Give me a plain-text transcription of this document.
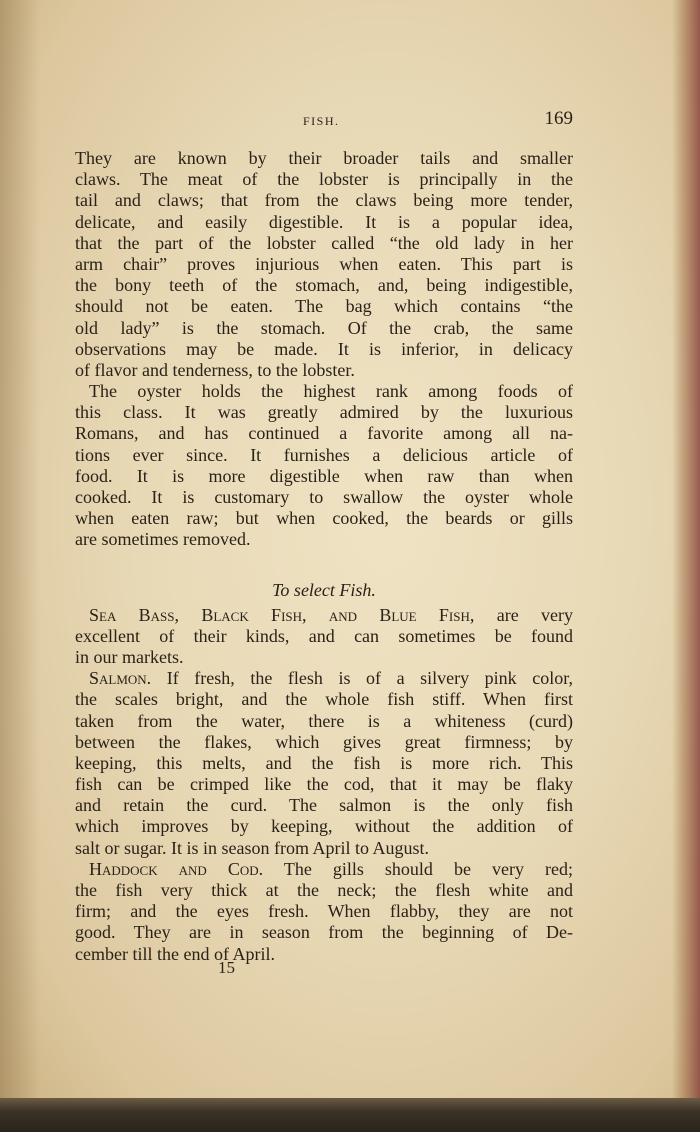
FISH.	169
They are known by their broader tails and smaller
claws. The meat of the lobster is principally in the
tail and claws; that from the claws being more tender,
delicate, and easily digestible. It is a popular idea,
that the part of the lobster called “the old lady in her
arm chair” proves injurious when eaten. This part is
the bony teeth of the stomach, and, being indigestible,
should not be eaten. The bag which contains “the
old lady” is the stomach. Of the crab, the same
observations may be made. It is inferior, in delicacy
of flavor and tenderness, to the lobster.
The oyster holds the highest rank among foods of
this class. It was greatly admired by the luxurious
Romans, and has continued a favorite among all na-
tions ever since. It furnishes a delicious article of
food. It is more digestible when raw than when
cooked. It is customary to swallow the oyster whole
when eaten raw; but when cooked, the beards or gills
are sometimes removed.
To select Fish.
Sea Bass, Black Fish, and Blue Fish, are very
excellent of their kinds, and can sometimes be found
in our markets.
Salmon. If fresh, the flesh is of a silvery pink color,
the scales bright, and the whole fish stiff. When first
taken from the water, there is a whiteness (curd)
between the flakes, which gives great firmness; by
keeping, this melts, and the fish is more rich. This
fish can be crimped like the cod, that it may be flaky
and retain the curd. The salmon is the only fish
which improves by keeping, without the addition of
salt or sugar. It is in season from April to August.
Haddock and Cod. The gills should be very red;
the fish very thick at the neck; the flesh white and
firm; and the eyes fresh. When flabby, they are not
good. They are in season from the beginning of De-
cember till the end of April.
15
